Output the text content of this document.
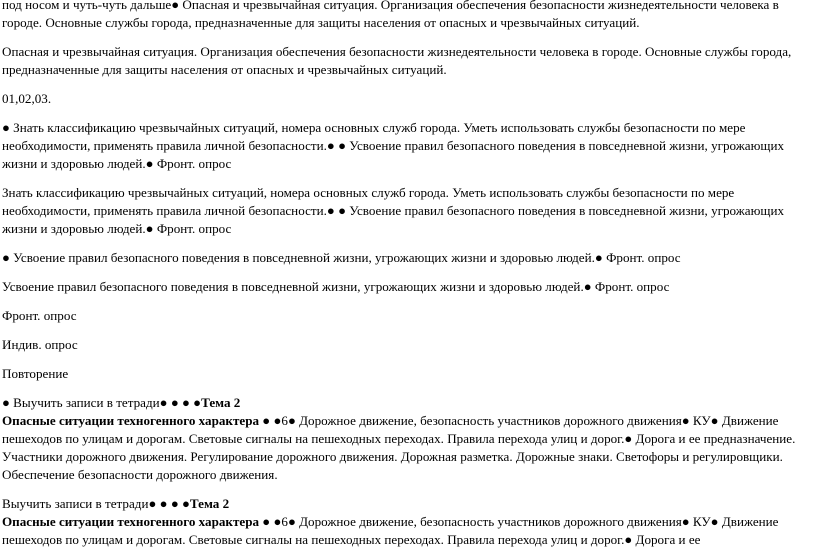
под носом и чуть-чуть дальше● Опасная и чрезвычайная ситуация. Организация обеспечения безопасности жизнедеятельности человека в городе. Основные службы города, предназначенные для защиты населения от опасных и чрезвычайных ситуаций.

Опасная и чрезвычайная ситуация. Организация обеспечения безопасности жизнедеятельности человека в городе. Основные службы города, предназначенные для защиты населения от опасных и чрезвычайных ситуаций.

01,02,03.

● Знать классификацию чрезвычайных ситуаций, номера основных служб города. Уметь использовать службы безопасности по мере необходимости, применять правила личной безопасности.● ● Усвоение правил безопасного поведения в повседневной жизни, угрожающих жизни и здоровью людей.● Фронт. опрос

Знать классификацию чрезвычайных ситуаций, номера основных служб города. Уметь использовать службы безопасности по мере необходимости, применять правила личной безопасности.● ● Усвоение правил безопасного поведения в повседневной жизни, угрожающих жизни и здоровью людей.● Фронт. опрос

● Усвоение правил безопасного поведения в повседневной жизни, угрожающих жизни и здоровью людей.● Фронт. опрос

Усвоение правил безопасного поведения в повседневной жизни, угрожающих жизни и здоровью людей.● Фронт. опрос

Фронт. опрос

Индив. опрос

Повторение

● Выучить записи в тетради● ● ● ●Тема 2

Опасные ситуации техногенного характера ● ●6● Дорожное движение, безопасность участников дорожного движения● КУ● Движение пешеходов по улицам и дорогам. Световые сигналы на пешеходных переходах. Правила перехода улиц и дорог.● Дорога и ее предназначение. Участники дорожного движения. Регулирование дорожного движения. Дорожная разметка. Дорожные знаки. Светофоры и регулировщики. Обеспечение безопасности дорожного движения.

Выучить записи в тетради● ● ● ●Тема 2

Опасные ситуации техногенного характера ● ●6● Дорожное движение, безопасность участников дорожного движения● КУ● Движение пешеходов по улицам и дорогам. Световые сигналы на пешеходных переходах. Правила перехода улиц и дорог.● Дорога и ее
